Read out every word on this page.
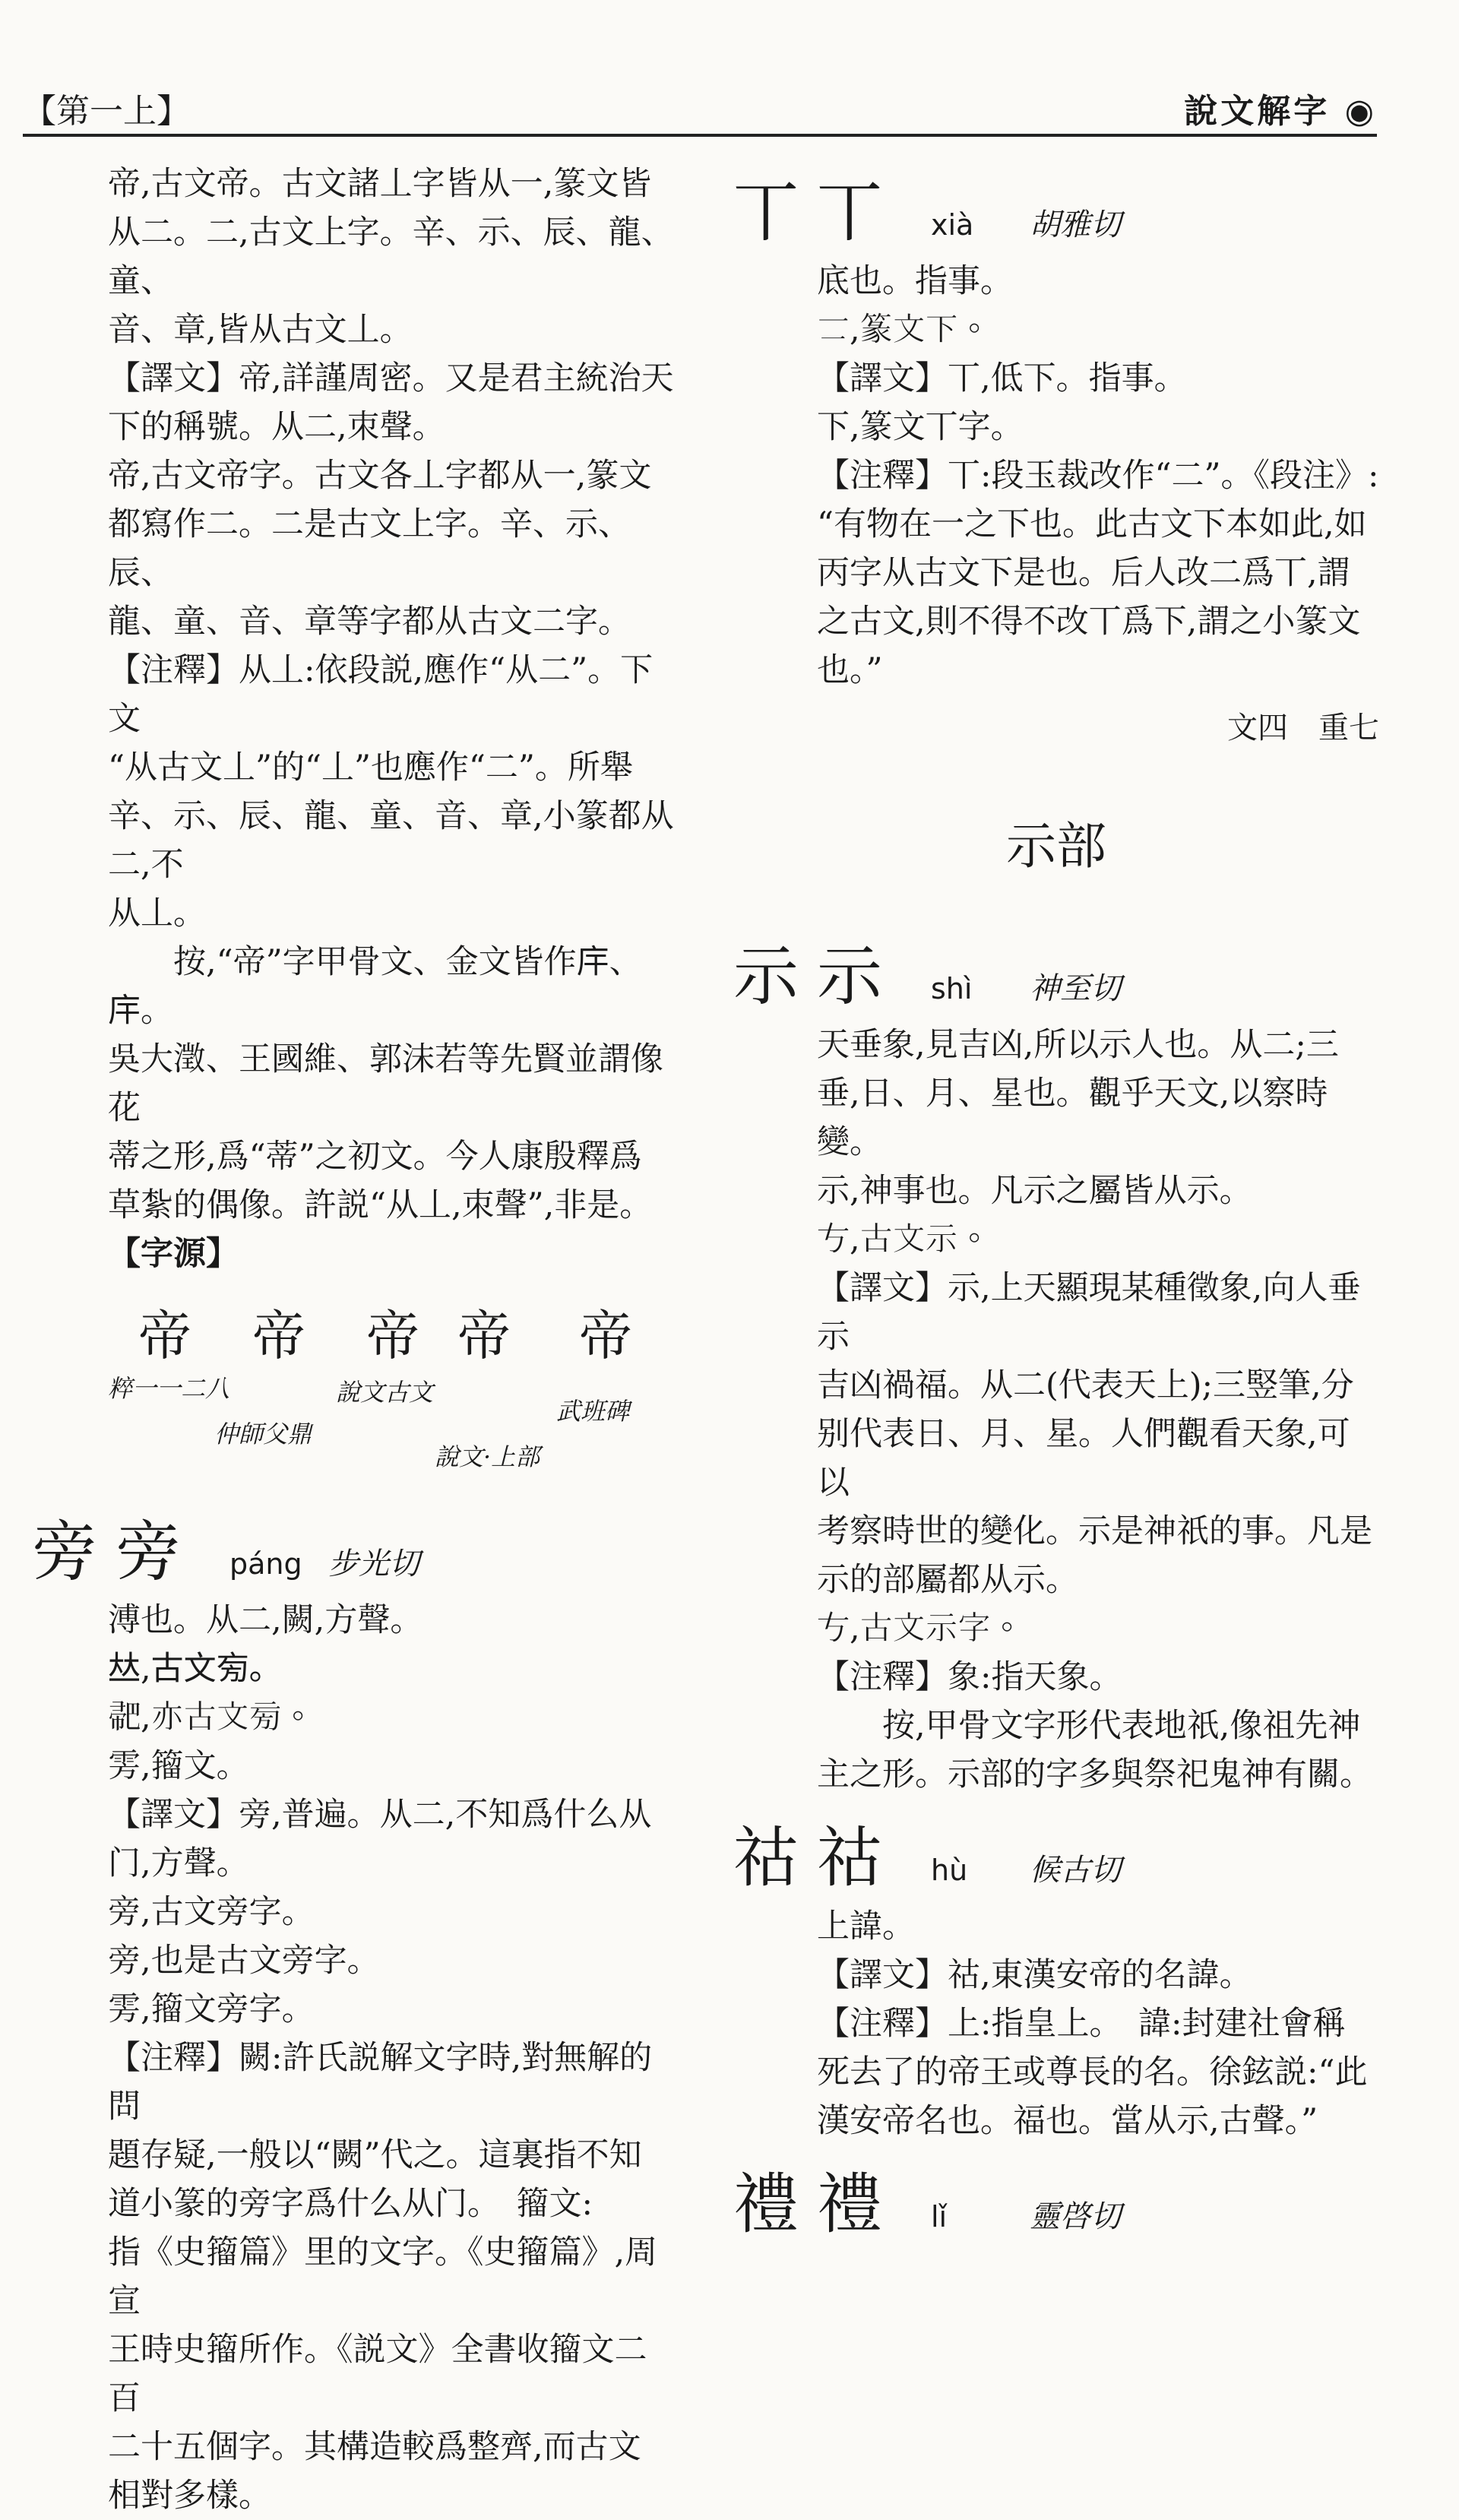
【第一上】	說文解字 ◉

帝,古文帝。古文諸丄字皆从一,篆文皆

从二。二,古文上字。辛、示、辰、龍、童、

音、章,皆从古文丄。

【譯文】帝,詳謹周密。又是君主統治天

下的稱號。从二,朿聲。

帝,古文帝字。古文各丄字都从一,篆文

都寫作二。二是古文上字。辛、示、辰、

龍、童、音、章等字都从古文二字。

【注釋】从丄:依段説,應作“从二”。下文

“从古文丄”的“丄”也應作“二”。所舉

辛、示、辰、龍、童、音、章,小篆都从二,不

从丄。

按,“帝”字甲骨文、金文皆作𢇛、𢇛。

吳大澂、王國維、郭沫若等先賢並謂像花

蒂之形,爲“蒂”之初文。今人康殷釋爲

草紮的偶像。許説“从丄,朿聲”,非是。

【字源】

帝 帝 帝 帝 帝
粹一一二八
仲師父鼎
說文古文
說文·上部
武班碑
旁 旁	páng 步光切

溥也。从二,闕,方聲。

𠀤,古文㫄。

𢃳,亦古文㫄。

雱,籀文。

【譯文】旁,普遍。从二,不知爲什么从

门,方聲。

旁,古文旁字。

旁,也是古文旁字。

雱,籀文旁字。

【注釋】闕:許氏説解文字時,對無解的問

題存疑,一般以“闕”代之。這裏指不知

道小篆的旁字爲什么从门。　籀文:

指《史籀篇》里的文字。《史籀篇》,周宣

王時史籀所作。《説文》全書收籀文二百

二十五個字。其構造較爲整齊,而古文

相對多樣。

丅 丅	xià	胡雅切

底也。指事。

𠄟,篆文下。

【譯文】丅,低下。指事。

下,篆文丅字。

【注釋】丅:段玉裁改作“二”。《段注》:

“有物在一之下也。此古文下本如此,如

丙字从古文下是也。后人改二爲丅,謂

之古文,則不得不改丅爲下,謂之小篆文

也。”

文四　重七

示部
示 示	shì	神至切

天垂象,見吉凶,所以示人也。从二;三

垂,日、月、星也。觀乎天文,以察時變。

示,神事也。凡示之屬皆从示。

𠀁,古文示。

【譯文】示,上天顯現某種徵象,向人垂示

吉凶禍福。从二(代表天上);三竪筆,分

别代表日、月、星。人們觀看天象,可以

考察時世的變化。示是神祇的事。凡是

示的部屬都从示。

𠀁,古文示字。

【注釋】象:指天象。

按,甲骨文字形代表地祇,像祖先神

主之形。示部的字多與祭祀鬼神有關。

祜 祜	hù	候古切

上諱。

【譯文】祜,東漢安帝的名諱。

【注釋】上:指皇上。　諱:封建社會稱

死去了的帝王或尊長的名。徐鉉説:“此

漢安帝名也。福也。當从示,古聲。”

禮 禮	lǐ	靈啓切
